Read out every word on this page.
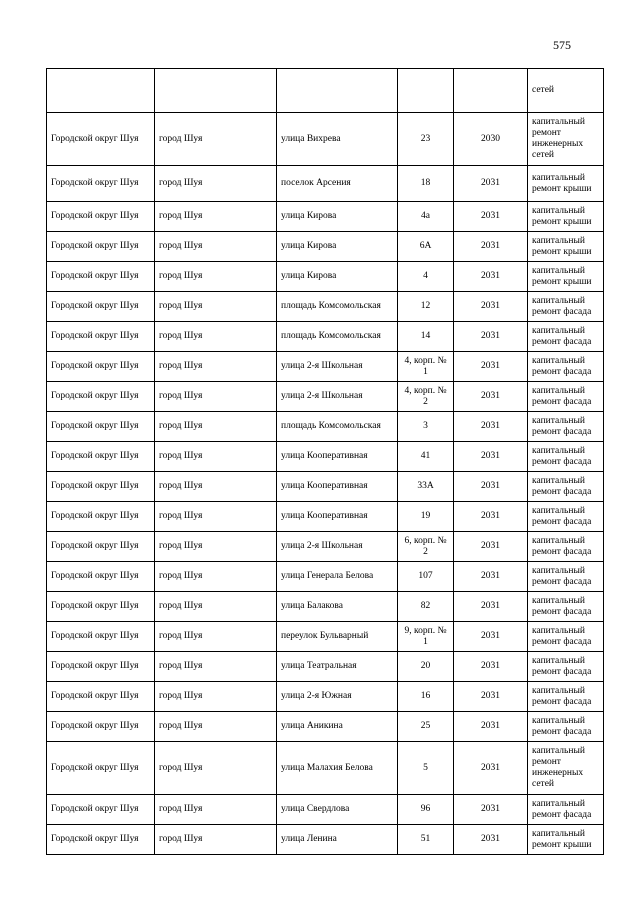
575
					сетей
Городской округ Шуя	город Шуя	улица Вихрева	23	2030	капитальный ремонт инженерных сетей
Городской округ Шуя	город Шуя	поселок Арсения	18	2031	капитальный ремонт крыши
Городской округ Шуя	город Шуя	улица Кирова	4а	2031	капитальный ремонт крыши
Городской округ Шуя	город Шуя	улица Кирова	6А	2031	капитальный ремонт крыши
Городской округ Шуя	город Шуя	улица Кирова	4	2031	капитальный ремонт крыши
Городской округ Шуя	город Шуя	площадь Комсомольская	12	2031	капитальный ремонт фасада
Городской округ Шуя	город Шуя	площадь Комсомольская	14	2031	капитальный ремонт фасада
Городской округ Шуя	город Шуя	улица 2-я Школьная	4, корп. № 1	2031	капитальный ремонт фасада
Городской округ Шуя	город Шуя	улица 2-я Школьная	4, корп. № 2	2031	капитальный ремонт фасада
Городской округ Шуя	город Шуя	площадь Комсомольская	3	2031	капитальный ремонт фасада
Городской округ Шуя	город Шуя	улица Кооперативная	41	2031	капитальный ремонт фасада
Городской округ Шуя	город Шуя	улица Кооперативная	33А	2031	капитальный ремонт фасада
Городской округ Шуя	город Шуя	улица Кооперативная	19	2031	капитальный ремонт фасада
Городской округ Шуя	город Шуя	улица 2-я Школьная	6, корп. № 2	2031	капитальный ремонт фасада
Городской округ Шуя	город Шуя	улица Генерала Белова	107	2031	капитальный ремонт фасада
Городской округ Шуя	город Шуя	улица Балакова	82	2031	капитальный ремонт фасада
Городской округ Шуя	город Шуя	переулок Бульварный	9, корп. № 1	2031	капитальный ремонт фасада
Городской округ Шуя	город Шуя	улица Театральная	20	2031	капитальный ремонт фасада
Городской округ Шуя	город Шуя	улица 2-я Южная	16	2031	капитальный ремонт фасада
Городской округ Шуя	город Шуя	улица Аникина	25	2031	капитальный ремонт фасада
Городской округ Шуя	город Шуя	улица Малахия Белова	5	2031	капитальный ремонт инженерных сетей
Городской округ Шуя	город Шуя	улица Свердлова	96	2031	капитальный ремонт фасада
Городской округ Шуя	город Шуя	улица Ленина	51	2031	капитальный ремонт крыши
